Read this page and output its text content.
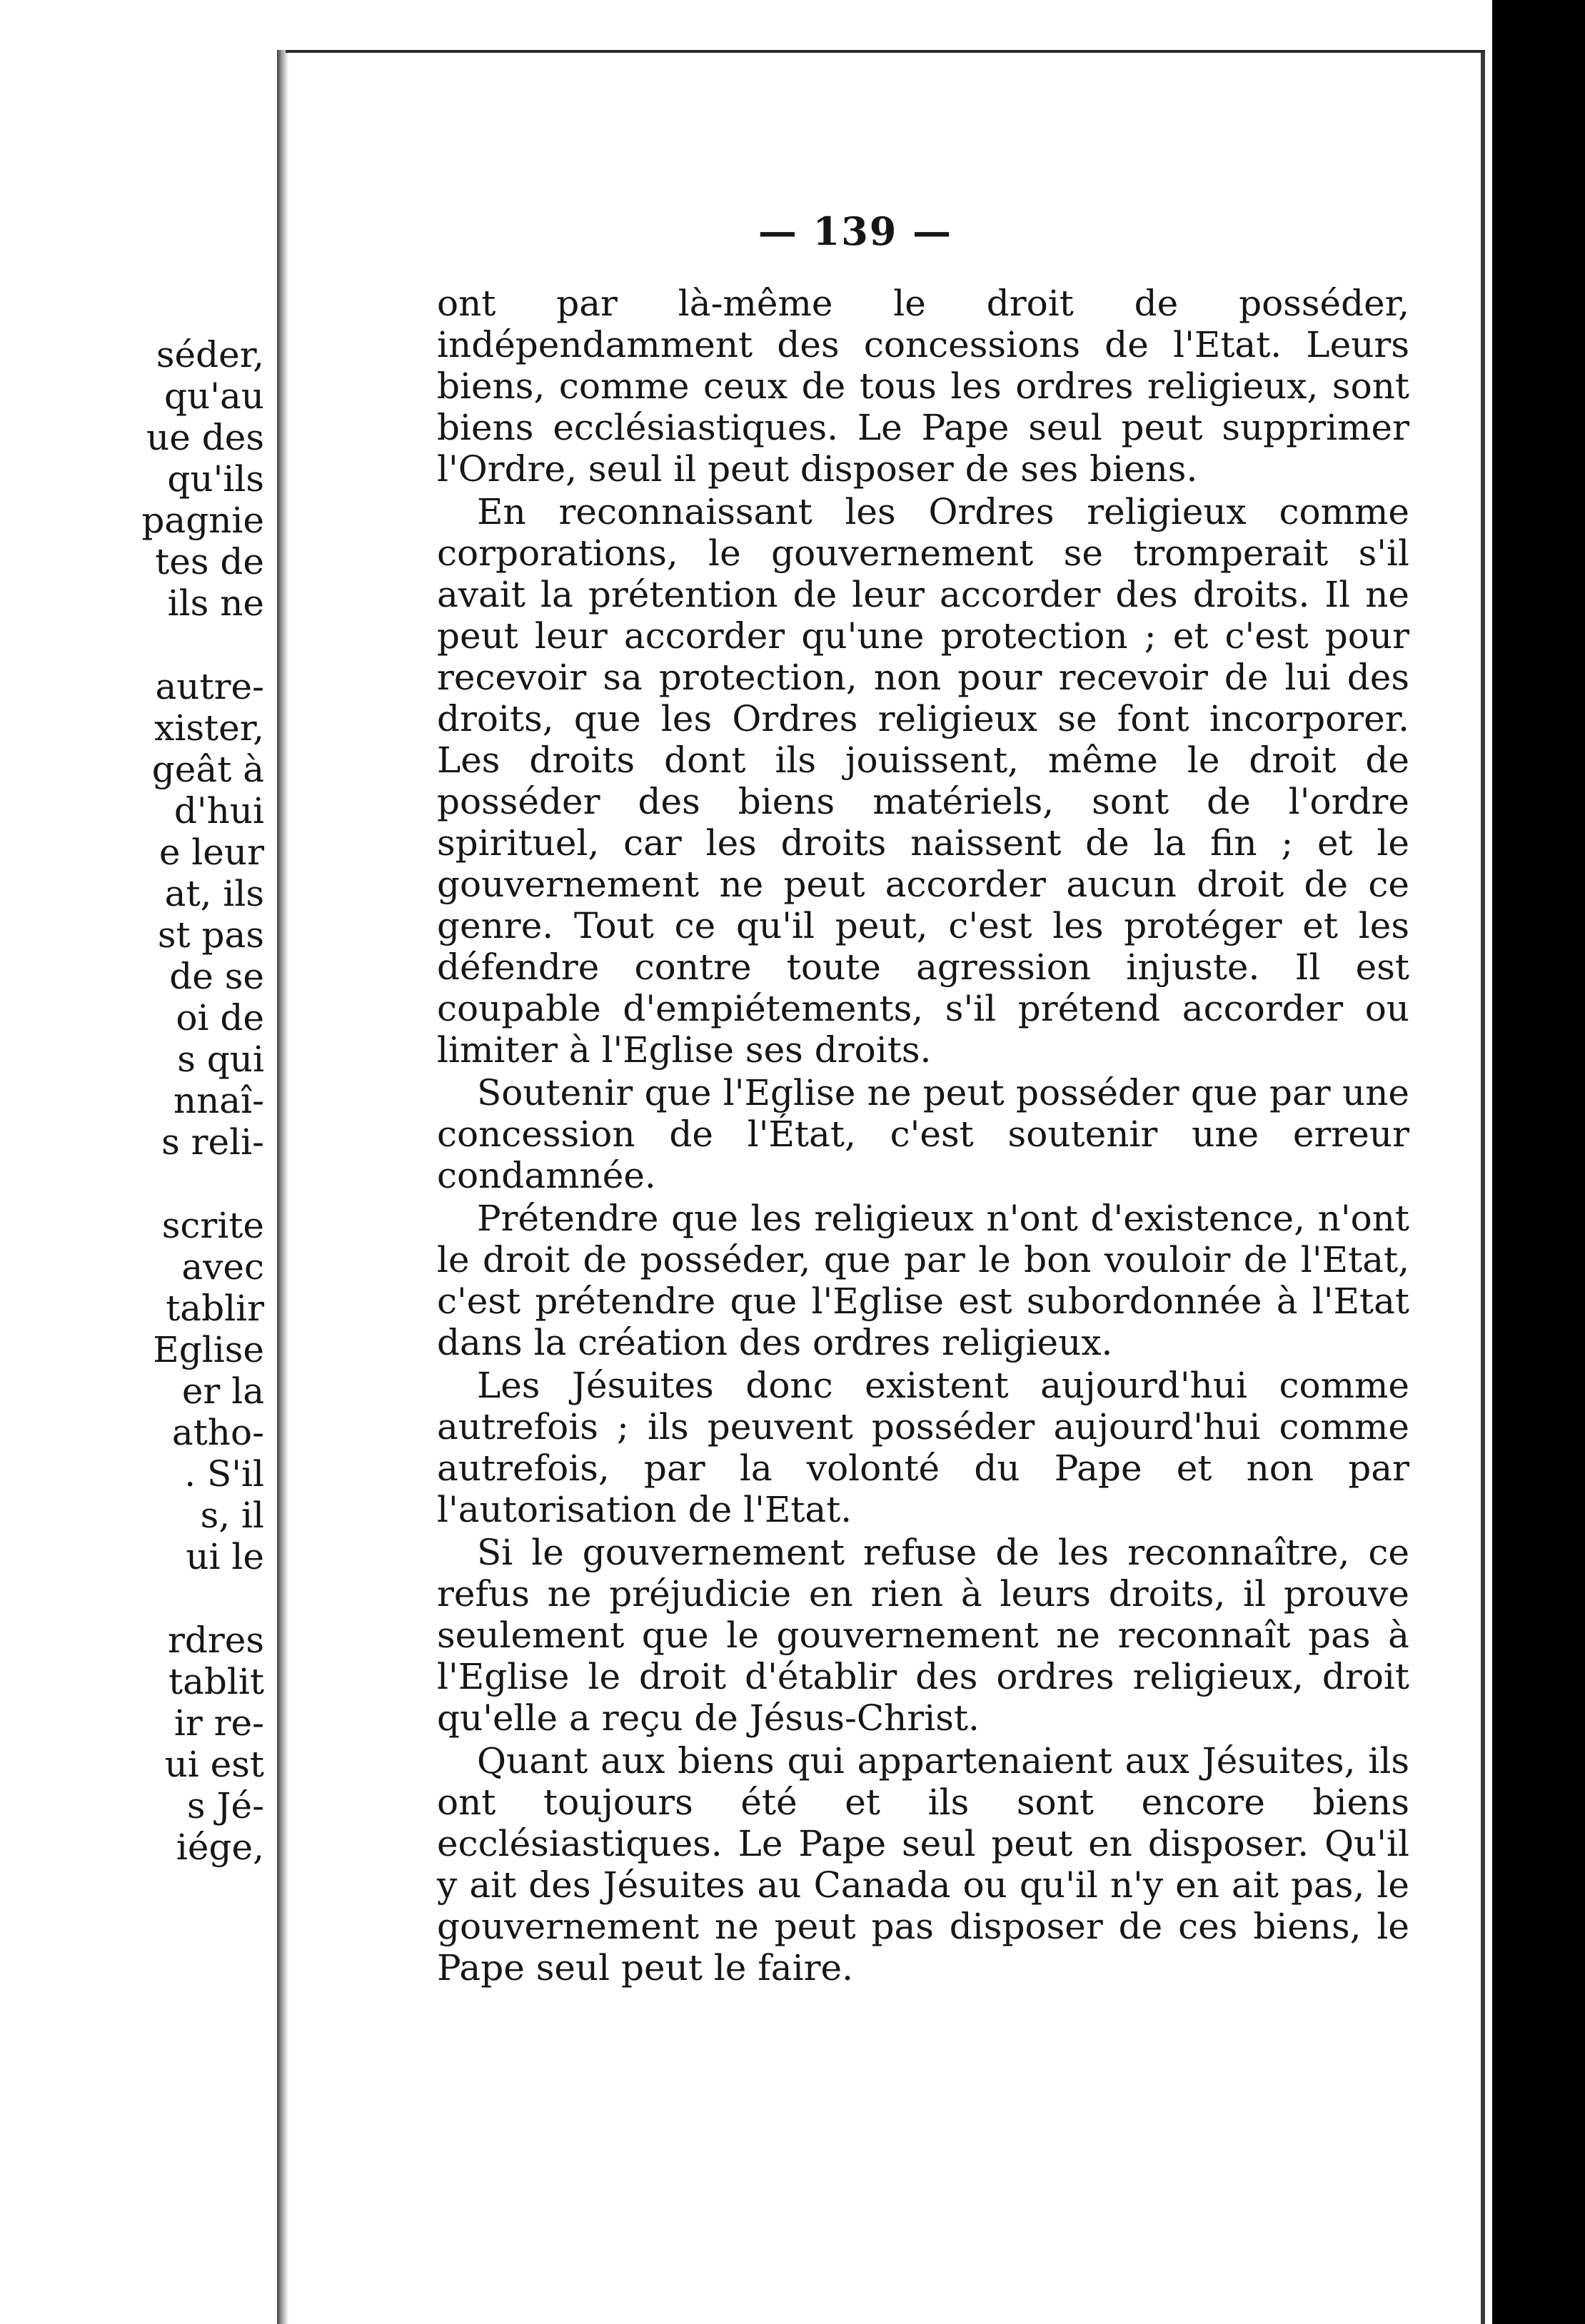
séder,
qu'au
ue des
qu'ils
pagnie
tes de
ils ne
autre-
xister,
geât à
d'hui
e leur
at, ils
st pas
de se
oi de
s qui
nnaî-
s reli-
scrite
avec
tablir
Eglise
er la
atho-
. S'il
s, il
ui le
rdres
tablit
ir re-
ui est
s Jé-
iége,
— 139 —

ont par là-même le droit de posséder, indépendamment des concessions de l'Etat. Leurs biens, comme ceux de tous les ordres religieux, sont biens ecclésiastiques. Le Pape seul peut supprimer l'Ordre, seul il peut disposer de ses biens.

En reconnaissant les Ordres religieux comme corporations, le gouvernement se tromperait s'il avait la prétention de leur accorder des droits. Il ne peut leur accorder qu'une protection ; et c'est pour recevoir sa protection, non pour recevoir de lui des droits, que les Ordres religieux se font incorporer. Les droits dont ils jouissent, même le droit de posséder des biens matériels, sont de l'ordre spirituel, car les droits naissent de la fin ; et le gouvernement ne peut accorder aucun droit de ce genre. Tout ce qu'il peut, c'est les protéger et les défendre contre toute agression injuste. Il est coupable d'empiétements, s'il prétend accorder ou limiter à l'Eglise ses droits.

Soutenir que l'Eglise ne peut posséder que par une concession de l'État, c'est soutenir une erreur condamnée.

Prétendre que les religieux n'ont d'existence, n'ont le droit de posséder, que par le bon vouloir de l'Etat, c'est prétendre que l'Eglise est subordonnée à l'Etat dans la création des ordres religieux.

Les Jésuites donc existent aujourd'hui comme autrefois ; ils peuvent posséder aujourd'hui comme autrefois, par la volonté du Pape et non par l'autorisation de l'Etat.

Si le gouvernement refuse de les reconnaître, ce refus ne préjudicie en rien à leurs droits, il prouve seulement que le gouvernement ne reconnaît pas à l'Eglise le droit d'établir des ordres religieux, droit qu'elle a reçu de Jésus-Christ.

Quant aux biens qui appartenaient aux Jésuites, ils ont toujours été et ils sont encore biens ecclésiastiques. Le Pape seul peut en disposer. Qu'il y ait des Jésuites au Canada ou qu'il n'y en ait pas, le gouvernement ne peut pas disposer de ces biens, le Pape seul peut le faire.
